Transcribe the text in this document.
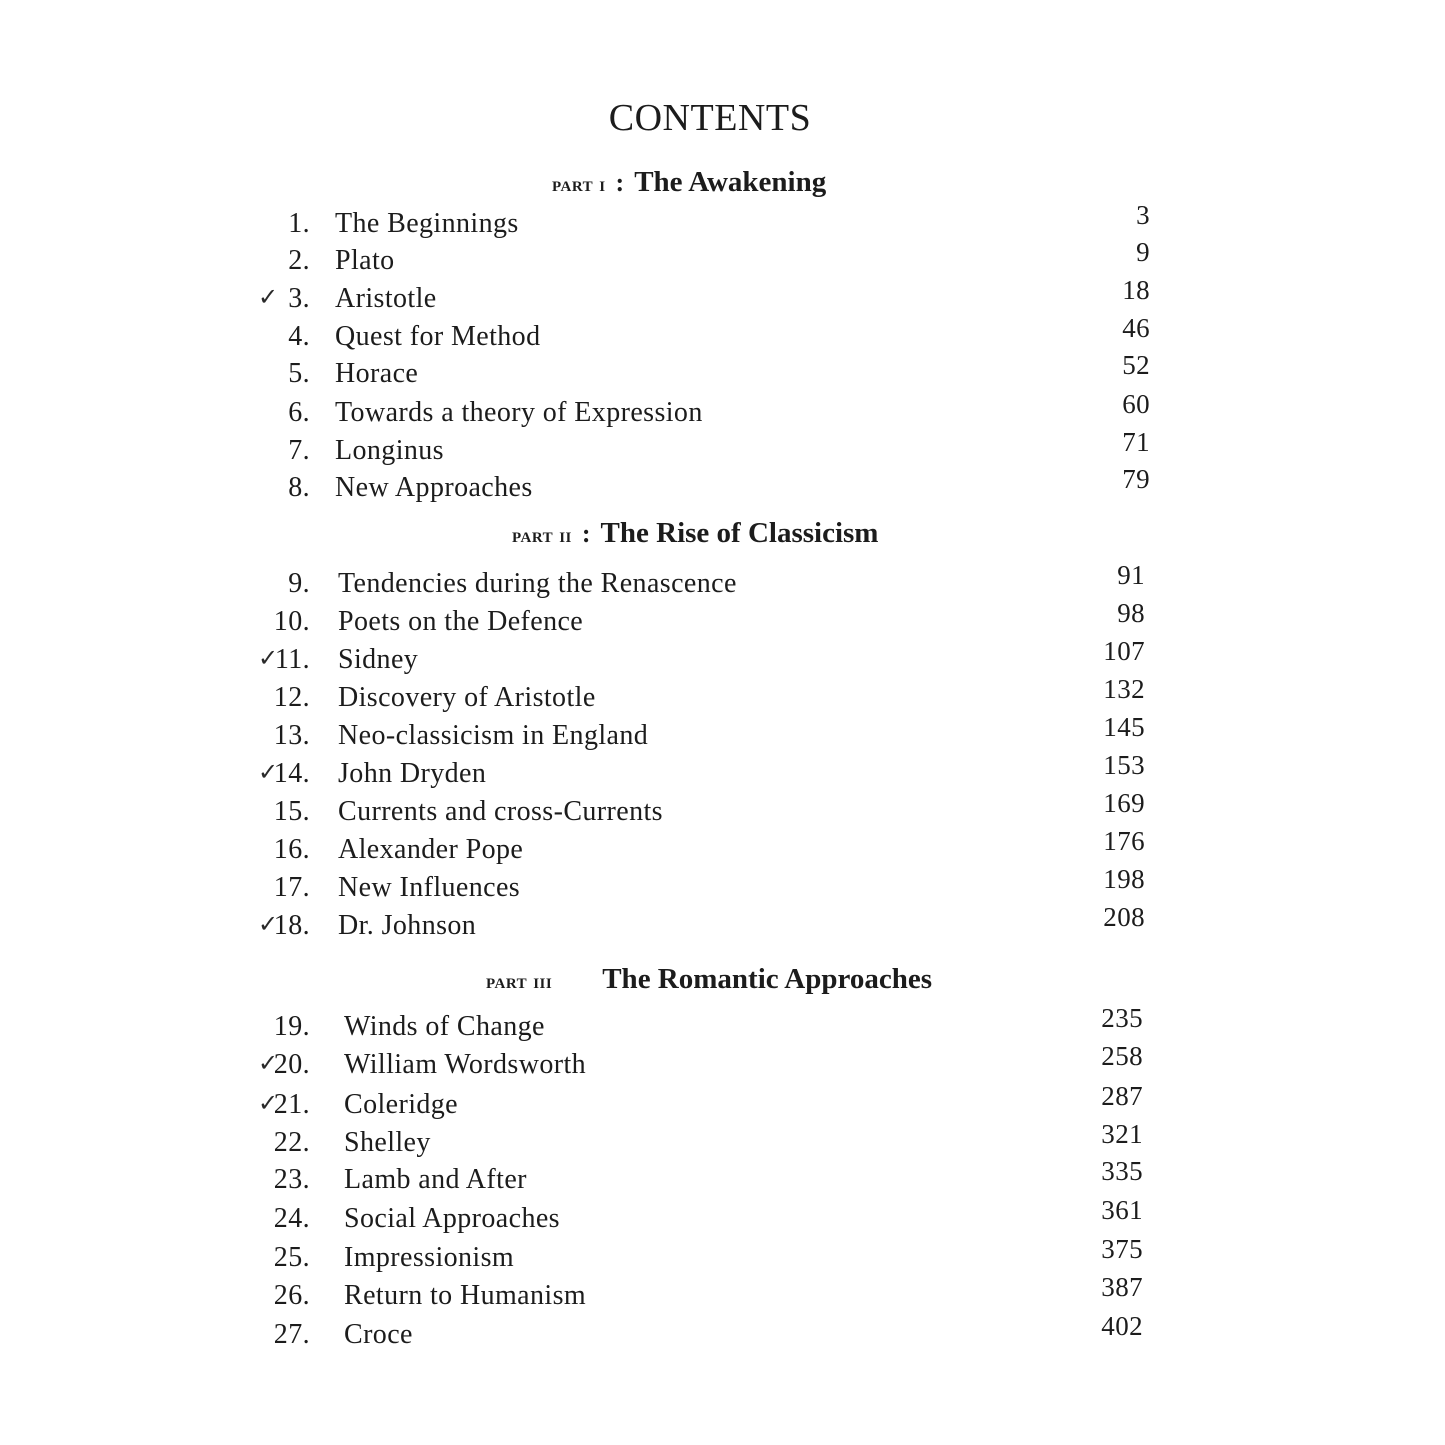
CONTENTS
part i : The Awakening
1. The Beginnings	3
2. Plato	9
✓ 3. Aristotle	18
4. Quest for Method	46
5. Horace	52
6. Towards a theory of Expression	60
7. Longinus	71
8. New Approaches	79
part ii : The Rise of Classicism
9. Tendencies during the Renascence	91
10. Poets on the Defence	98
✓
11. Sidney	107
12. Discovery of Aristotle	132
13. Neo-classicism in England	145
✓
14. John Dryden	153
15. Currents and cross-Currents	169
16. Alexander Pope	176
17. New Influences	198
✓
18. Dr. Johnson	208
part iii The Romantic Approaches
19. Winds of Change	235
✓
20. William Wordsworth	258
✓
21. Coleridge	287
22. Shelley	321
23. Lamb and After	335
24. Social Approaches	361
25. Impressionism	375
26. Return to Humanism	387
27. Croce	402
